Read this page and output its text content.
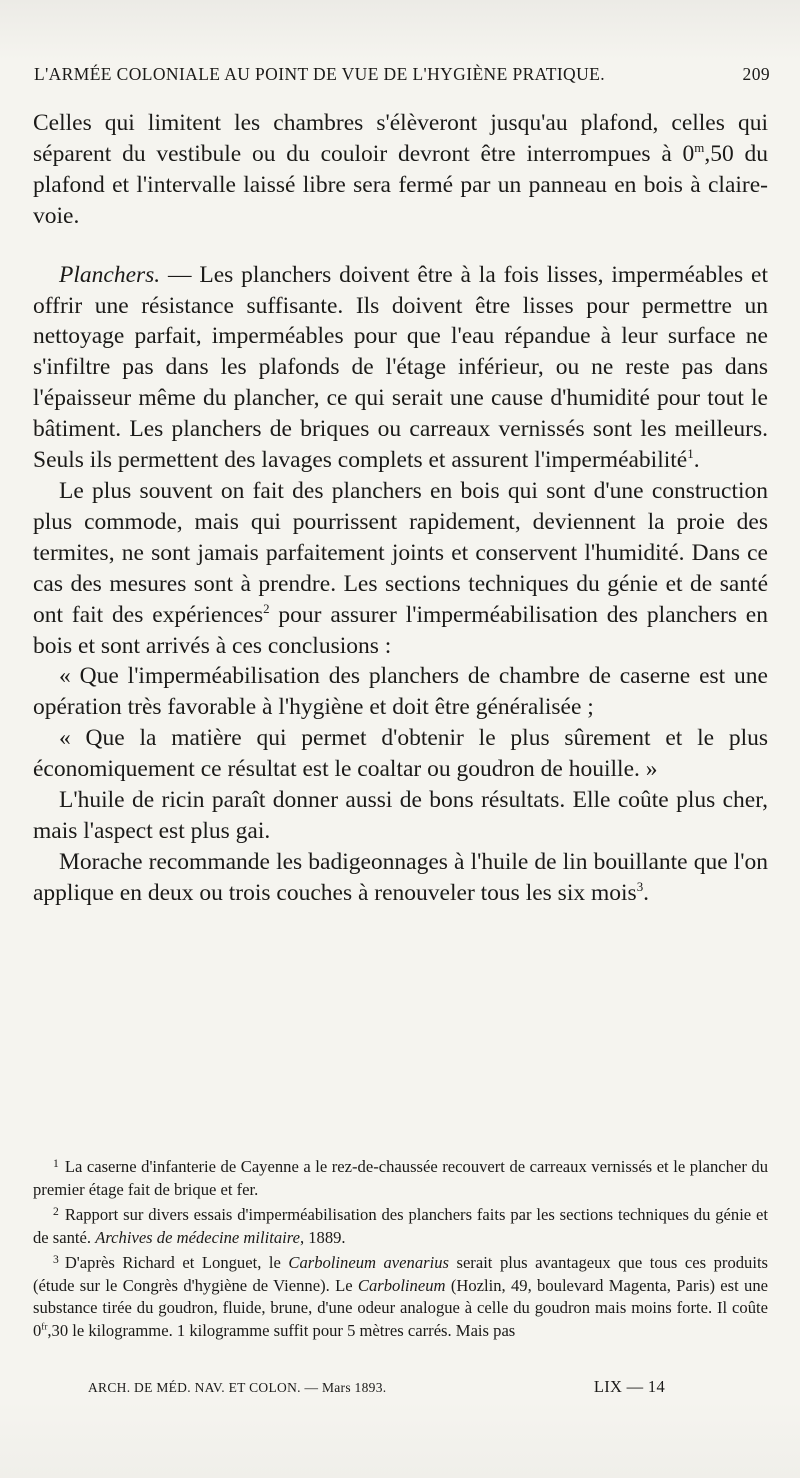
L'ARMÉE COLONIALE AU POINT DE VUE DE L'HYGIÈNE PRATIQUE.	209

Celles qui limitent les chambres s'élèveront jusqu'au plafond, celles qui séparent du vestibule ou du couloir devront être interrompues à 0$^m$,50 du plafond et l'intervalle laissé libre sera fermé par un panneau en bois à claire-voie.

Planchers. — Les planchers doivent être à la fois lisses, imperméables et offrir une résistance suffisante. Ils doivent être lisses pour permettre un nettoyage parfait, imperméables pour que l'eau répandue à leur surface ne s'infiltre pas dans les plafonds de l'étage inférieur, ou ne reste pas dans l'épaisseur même du plancher, ce qui serait une cause d'humidité pour tout le bâtiment. Les planchers de briques ou carreaux vernissés sont les meilleurs. Seuls ils permettent des lavages complets et assurent l'imperméabilité$^1$.

Le plus souvent on fait des planchers en bois qui sont d'une construction plus commode, mais qui pourrissent rapidement, deviennent la proie des termites, ne sont jamais parfaitement joints et conservent l'humidité. Dans ce cas des mesures sont à prendre. Les sections techniques du génie et de santé ont fait des expériences$^2$ pour assurer l'imperméabilisation des planchers en bois et sont arrivés à ces conclusions :

« Que l'imperméabilisation des planchers de chambre de caserne est une opération très favorable à l'hygiène et doit être généralisée ;

« Que la matière qui permet d'obtenir le plus sûrement et le plus économiquement ce résultat est le coaltar ou goudron de houille. »

L'huile de ricin paraît donner aussi de bons résultats. Elle coûte plus cher, mais l'aspect est plus gai.

Morache recommande les badigeonnages à l'huile de lin bouillante que l'on applique en deux ou trois couches à renouveler tous les six mois$^3$.

$^1$ La caserne d'infanterie de Cayenne a le rez-de-chaussée recouvert de carreaux vernissés et le plancher du premier étage fait de brique et fer.

$^2$ Rapport sur divers essais d'imperméabilisation des planchers faits par les sections techniques du génie et de santé. Archives de médecine militaire, 1889.

$^3$ D'après Richard et Longuet, le Carbolineum avenarius serait plus avantageux que tous ces produits (étude sur le Congrès d'hygiène de Vienne). Le Carbolineum (Hozlin, 49, boulevard Magenta, Paris) est une substance tirée du goudron, fluide, brune, d'une odeur analogue à celle du goudron mais moins forte. Il coûte $0^{fr},30$ le kilogramme. 1 kilogramme suffit pour 5 mètres carrés. Mais pas

ARCH. DE MÉD. NAV. ET COLON. — Mars 1893.	LIX — 14
